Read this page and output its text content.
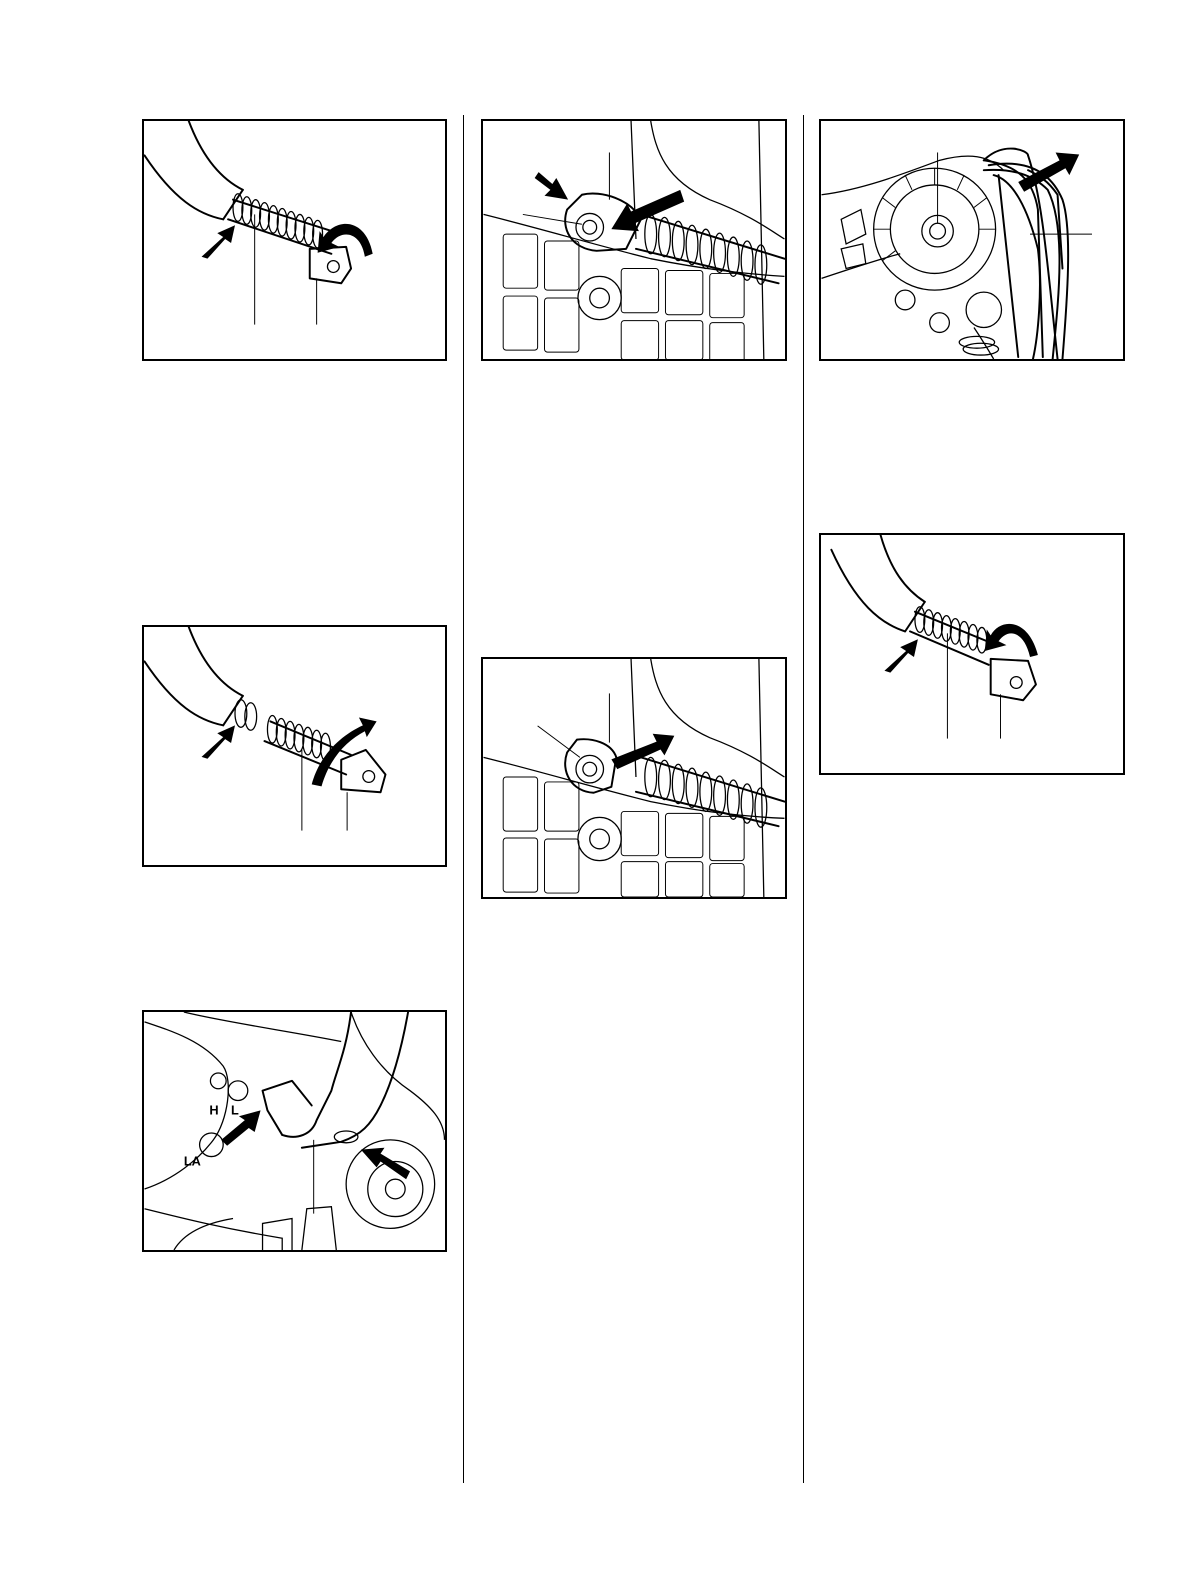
H L
LA
